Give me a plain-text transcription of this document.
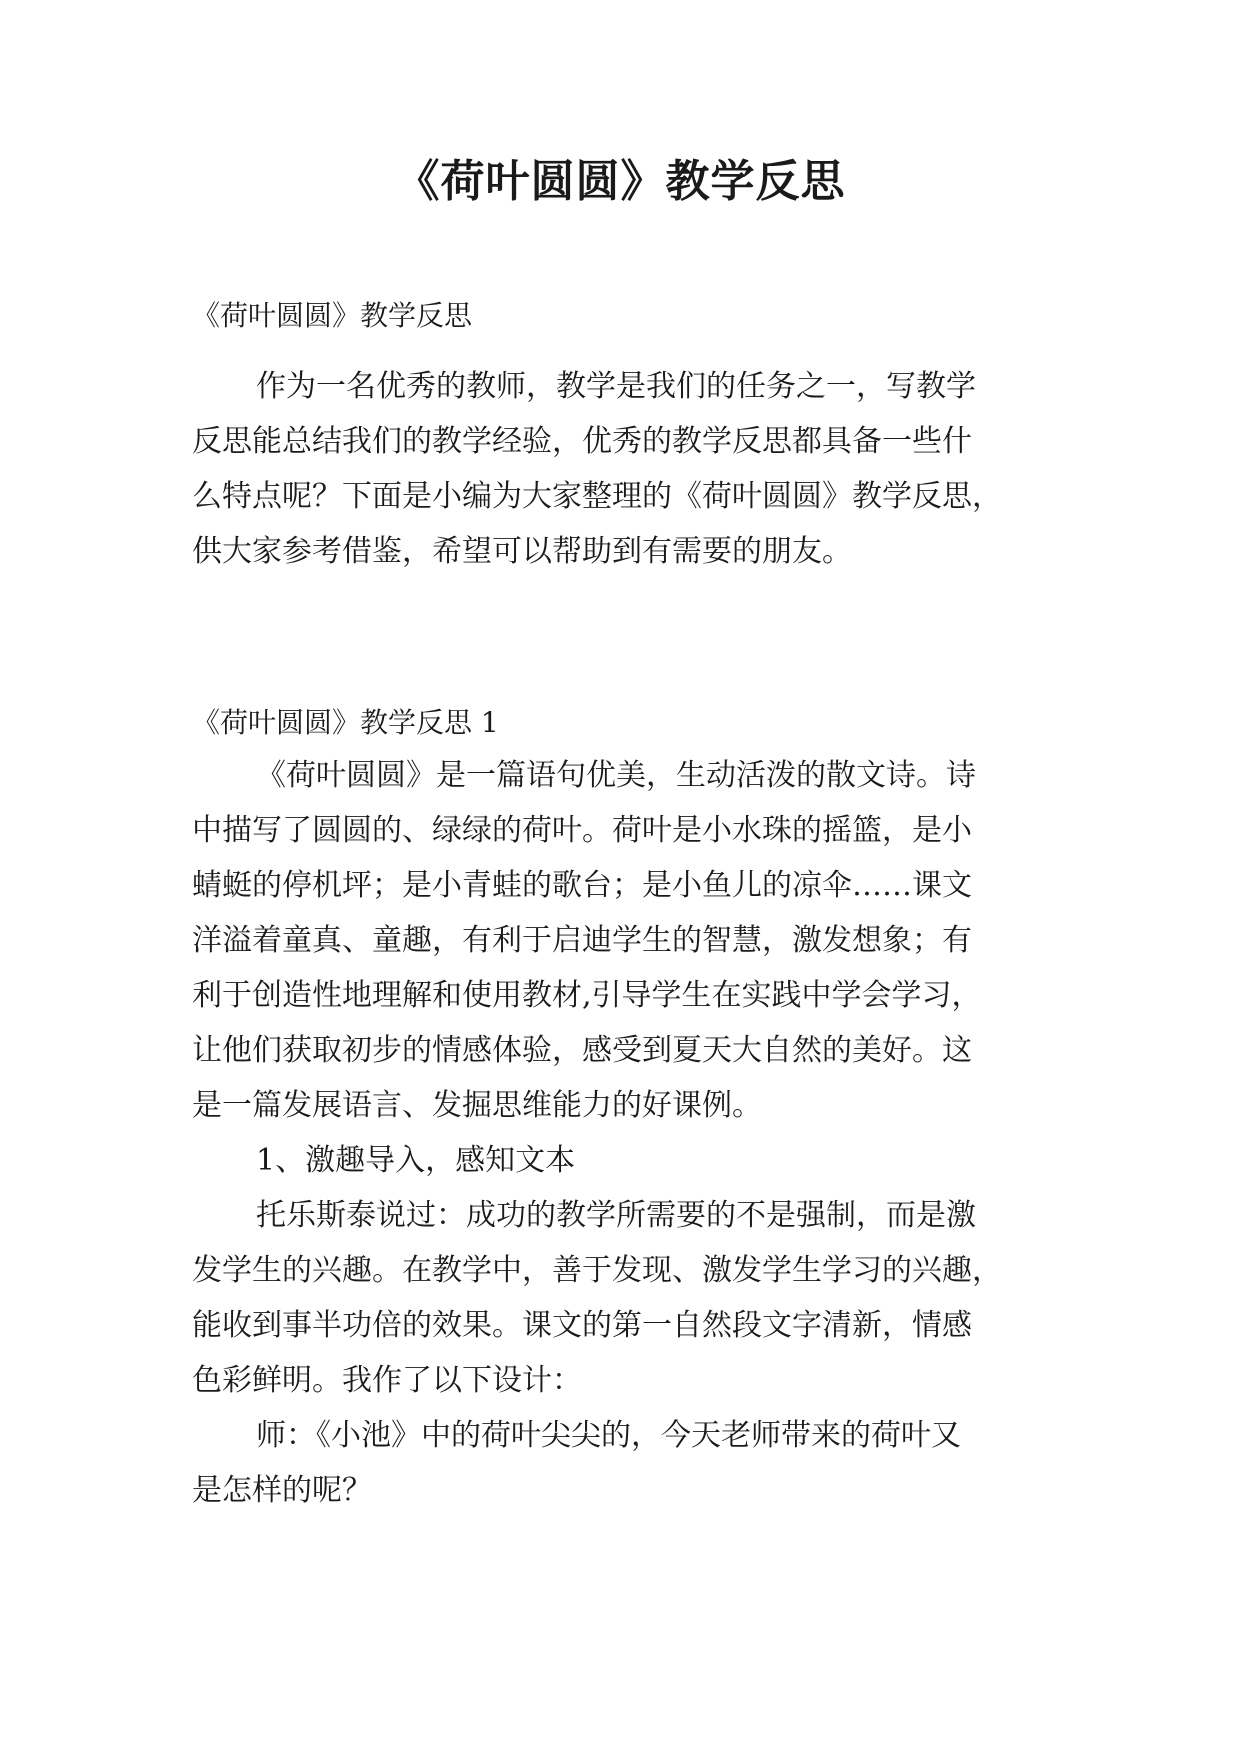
《荷叶圆圆》教学反思
《荷叶圆圆》教学反思
作为一名优秀的教师，教学是我们的任务之一，写教学
反思能总结我们的教学经验，优秀的教学反思都具备一些什
么特点呢？下面是小编为大家整理的《荷叶圆圆》教学反思，
供大家参考借鉴，希望可以帮助到有需要的朋友。
《荷叶圆圆》教学反思 1
《荷叶圆圆》是一篇语句优美，生动活泼的散文诗。诗
中描写了圆圆的、绿绿的荷叶。荷叶是小水珠的摇篮，是小
蜻蜓的停机坪；是小青蛙的歌台；是小鱼儿的凉伞……课文
洋溢着童真、童趣，有利于启迪学生的智慧，激发想象；有
利于创造性地理解和使用教材,引导学生在实践中学会学习，
让他们获取初步的情感体验，感受到夏天大自然的美好。这
是一篇发展语言、发掘思维能力的好课例。
1、激趣导入，感知文本
托乐斯泰说过：成功的教学所需要的不是强制，而是激
发学生的兴趣。在教学中，善于发现、激发学生学习的兴趣，
能收到事半功倍的效果。课文的第一自然段文字清新，情感
色彩鲜明。我作了以下设计：
师：《小池》中的荷叶尖尖的，今天老师带来的荷叶又
是怎样的呢？
